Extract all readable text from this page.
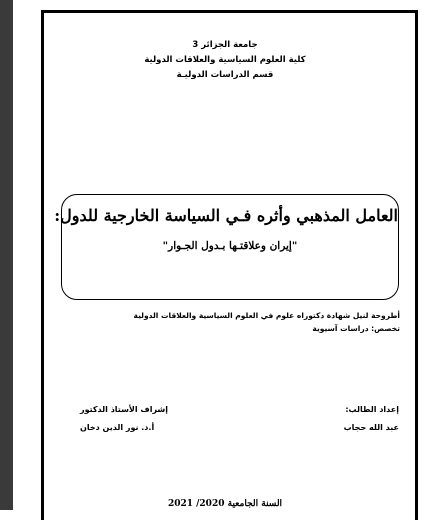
جامعة الجزائر 3
كلية العلوم السياسية والعلاقات الدولية
قسم الدراسات الدوليـة
العامل المذهبي وأثره فـي السياسة الخارجية للدول:
"إيران وعلاقتـها بـدول الجـوار"
أطروحة لنيل شهادة دكتوراه علوم في العلوم السياسية والعلاقات الدولية
تخصص: دراسات آسيوية
إعداد الطالب:
عبد الله حجاب
إشراف الأستاذ الدكتور
أ.د. نور الدين دخان
السنة الجامعية 2020/ 2021
